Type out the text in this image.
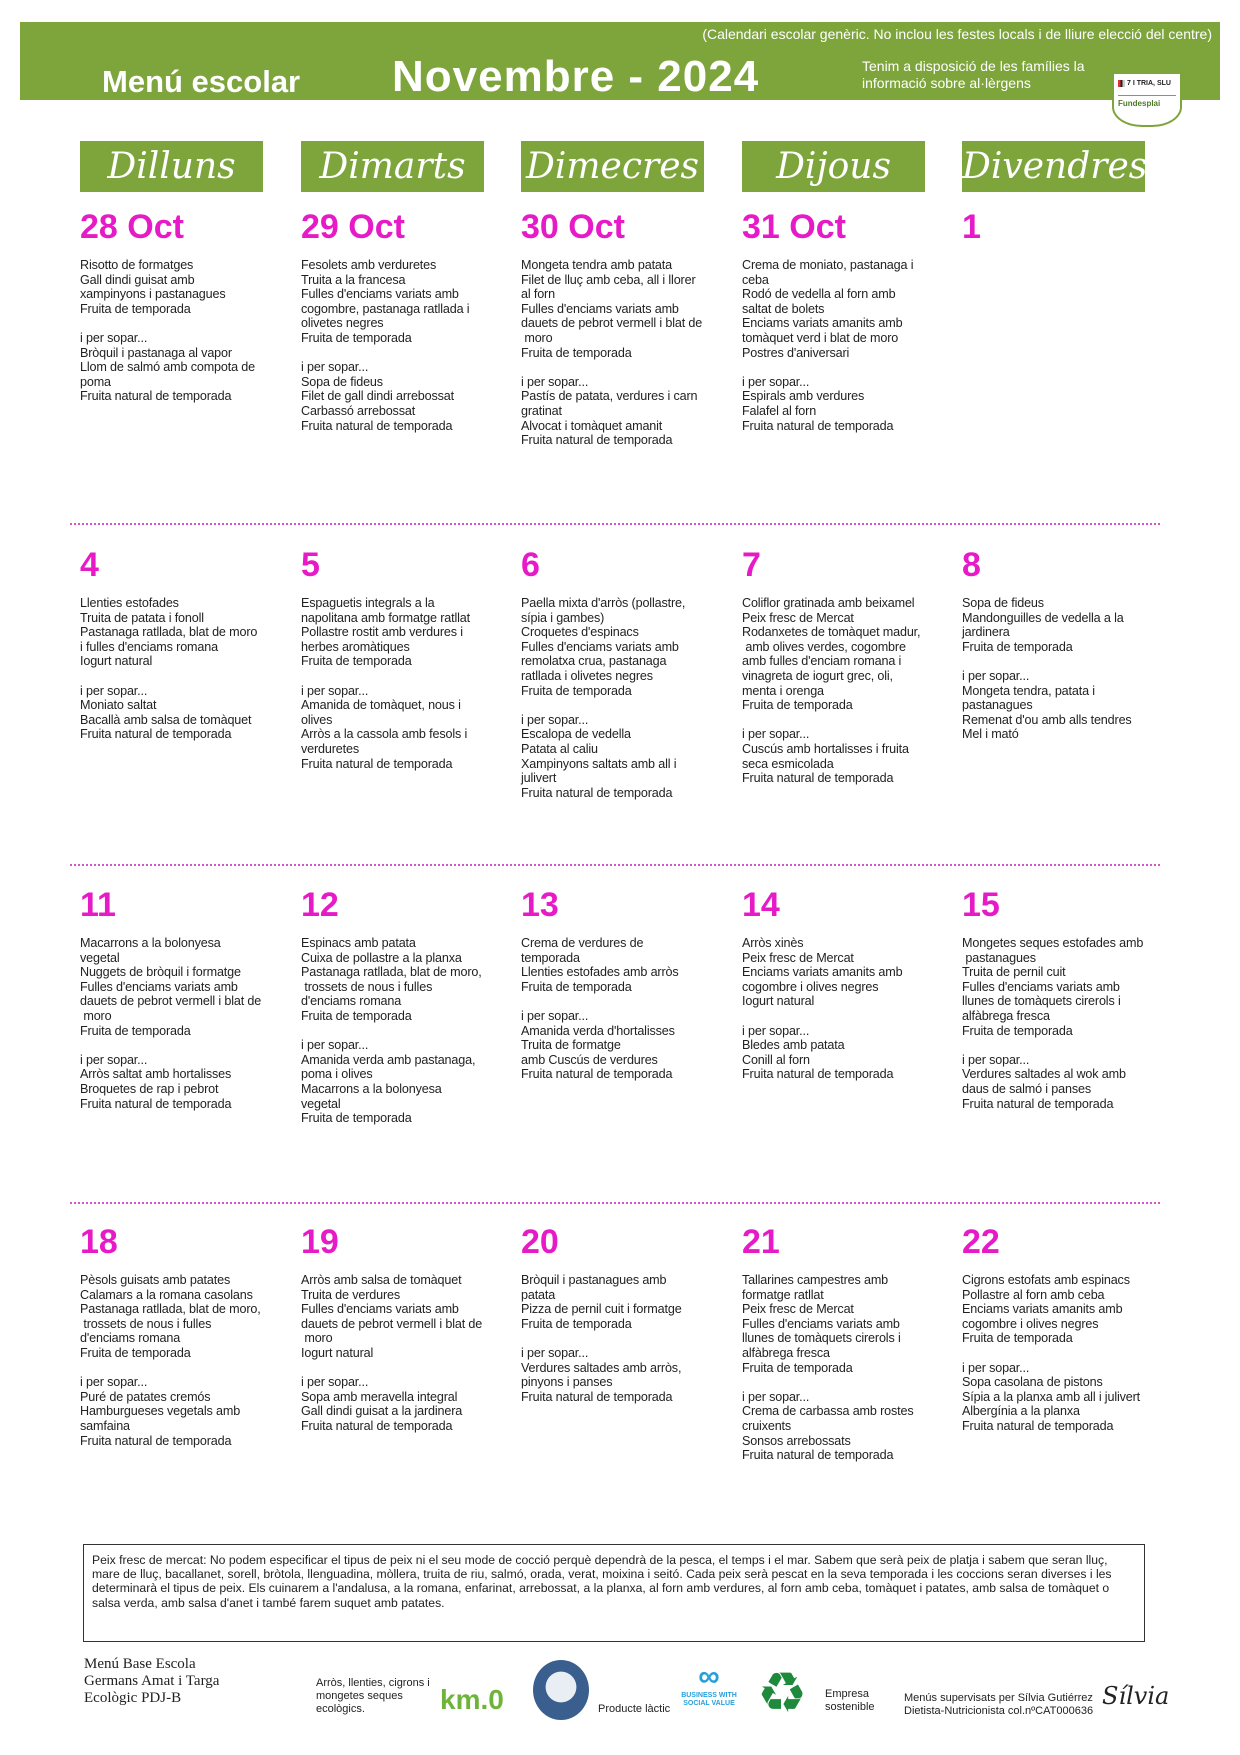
(Calendari escolar genèric. No inclou les festes locals i de lliure elecció del centre)
Menú escolar Novembre - 2024	Tenim a disposició de les famílies la informació sobre al·lèrgens	7 I TRIA, SLU
Fundesplai
Dilluns	Dimarts	Dimecres	Dijous	Divendres
28 Oct
Risotto de formatges
Gall dindi guisat amb
xampinyons i pastanagues
Fruita de temporada
i per sopar...
Bròquil i pastanaga al vapor
Llom de salmó amb compota de
poma
Fruita natural de temporada
29 Oct
Fesolets amb verduretes
Truita a la francesa
Fulles d'enciams variats amb
cogombre, pastanaga ratllada i
olivetes negres
Fruita de temporada
i per sopar...
Sopa de fideus
Filet de gall dindi arrebossat
Carbassó arrebossat
Fruita natural de temporada
30 Oct
Mongeta tendra amb patata
Filet de lluç amb ceba, all i llorer
al forn
Fulles d'enciams variats amb
dauets de pebrot vermell i blat de
moro
Fruita de temporada
i per sopar...
Pastís de patata, verdures i carn
gratinat
Alvocat i tomàquet amanit
Fruita natural de temporada
31 Oct
Crema de moniato, pastanaga i
ceba
Rodó de vedella al forn amb
saltat de bolets
Enciams variats amanits amb
tomàquet verd i blat de moro
Postres d'aniversari
i per sopar...
Espirals amb verdures
Falafel al forn
Fruita natural de temporada
1
4
Llenties estofades
Truita de patata i fonoll
Pastanaga ratllada, blat de moro
i fulles d'enciams romana
Iogurt natural
i per sopar...
Moniato saltat
Bacallà amb salsa de tomàquet
Fruita natural de temporada
5
Espaguetis integrals a la
napolitana amb formatge ratllat
Pollastre rostit amb verdures i
herbes aromàtiques
Fruita de temporada
i per sopar...
Amanida de tomàquet, nous i
olives
Arròs a la cassola amb fesols i
verduretes
Fruita natural de temporada
6
Paella mixta d'arròs (pollastre,
sípia i gambes)
Croquetes d'espinacs
Fulles d'enciams variats amb
remolatxa crua, pastanaga
ratllada i olivetes negres
Fruita de temporada
i per sopar...
Escalopa de vedella
Patata al caliu
Xampinyons saltats amb all i
julivert
Fruita natural de temporada
7
Coliflor gratinada amb beixamel
Peix fresc de Mercat
Rodanxetes de tomàquet madur,
amb olives verdes, cogombre
amb fulles d'enciam romana i
vinagreta de iogurt grec, oli,
menta i orenga
Fruita de temporada
i per sopar...
Cuscús amb hortalisses i fruita
seca esmicolada
Fruita natural de temporada
8
Sopa de fideus
Mandonguilles de vedella a la
jardinera
Fruita de temporada
i per sopar...
Mongeta tendra, patata i
pastanagues
Remenat d'ou amb alls tendres
Mel i mató
11
Macarrons a la bolonyesa
vegetal
Nuggets de bròquil i formatge
Fulles d'enciams variats amb
dauets de pebrot vermell i blat de
moro
Fruita de temporada
i per sopar...
Arròs saltat amb hortalisses
Broquetes de rap i pebrot
Fruita natural de temporada
12
Espinacs amb patata
Cuixa de pollastre a la planxa
Pastanaga ratllada, blat de moro,
trossets de nous i fulles
d'enciams romana
Fruita de temporada
i per sopar...
Amanida verda amb pastanaga,
poma i olives
Macarrons a la bolonyesa
vegetal
Fruita de temporada
13
Crema de verdures de
temporada
Llenties estofades amb arròs
Fruita de temporada
i per sopar...
Amanida verda d'hortalisses
Truita de formatge
amb Cuscús de verdures
Fruita natural de temporada
14
Arròs xinès
Peix fresc de Mercat
Enciams variats amanits amb
cogombre i olives negres
Iogurt natural
i per sopar...
Bledes amb patata
Conill al forn
Fruita natural de temporada
15
Mongetes seques estofades amb
pastanagues
Truita de pernil cuit
Fulles d'enciams variats amb
llunes de tomàquets cirerols i
alfàbrega fresca
Fruita de temporada
i per sopar...
Verdures saltades al wok amb
daus de salmó i panses
Fruita natural de temporada
18
Pèsols guisats amb patates
Calamars a la romana casolans
Pastanaga ratllada, blat de moro,
trossets de nous i fulles
d'enciams romana
Fruita de temporada
i per sopar...
Puré de patates cremós
Hamburgueses vegetals amb
samfaina
Fruita natural de temporada
19
Arròs amb salsa de tomàquet
Truita de verdures
Fulles d'enciams variats amb
dauets de pebrot vermell i blat de
moro
Iogurt natural
i per sopar...
Sopa amb meravella integral
Gall dindi guisat a la jardinera
Fruita natural de temporada
20
Bròquil i pastanagues amb
patata
Pizza de pernil cuit i formatge
Fruita de temporada
i per sopar...
Verdures saltades amb arròs,
pinyons i panses
Fruita natural de temporada
21
Tallarines campestres amb
formatge ratllat
Peix fresc de Mercat
Fulles d'enciams variats amb
llunes de tomàquets cirerols i
alfàbrega fresca
Fruita de temporada
i per sopar...
Crema de carbassa amb rostes
cruixents
Sonsos arrebossats
Fruita natural de temporada
22
Cigrons estofats amb espinacs
Pollastre al forn amb ceba
Enciams variats amanits amb
cogombre i olives negres
Fruita de temporada
i per sopar...
Sopa casolana de pistons
Sípia a la planxa amb all i julivert
Albergínia a la planxa
Fruita natural de temporada
Peix fresc de mercat: No podem especificar el tipus de peix ni el seu mode de cocció perquè dependrà de la pesca, el temps i el mar. Sabem que serà peix de platja i sabem que seran lluç, mare de lluç, bacallanet, sorell, bròtola, llenguadina, mòllera, truita de riu, salmó, orada, verat, moixina i seitó. Cada peix serà pescat en la seva temporada i les coccions seran diverses i les determinarà el tipus de peix. Els cuinarem a l'andalusa, a la romana, enfarinat, arrebossat, a la planxa, al forn amb verdures, al forn amb ceba, tomàquet i patates, amb salsa de tomàquet o salsa verda, amb salsa d'anet i també farem suquet amb patates.
Menú Base Escola
Germans Amat i Targa
Ecològic PDJ-B
Arròs, llenties, cigrons i mongetes seques ecològics.	km.0	Producte làctic
∞
BUSINESS WITH SOCIAL VALUE ♻ Empresa sostenible
Menús supervisats per Sílvia Gutiérrez Dietista-Nutricionista col.nºCAT000636
Sílvia
